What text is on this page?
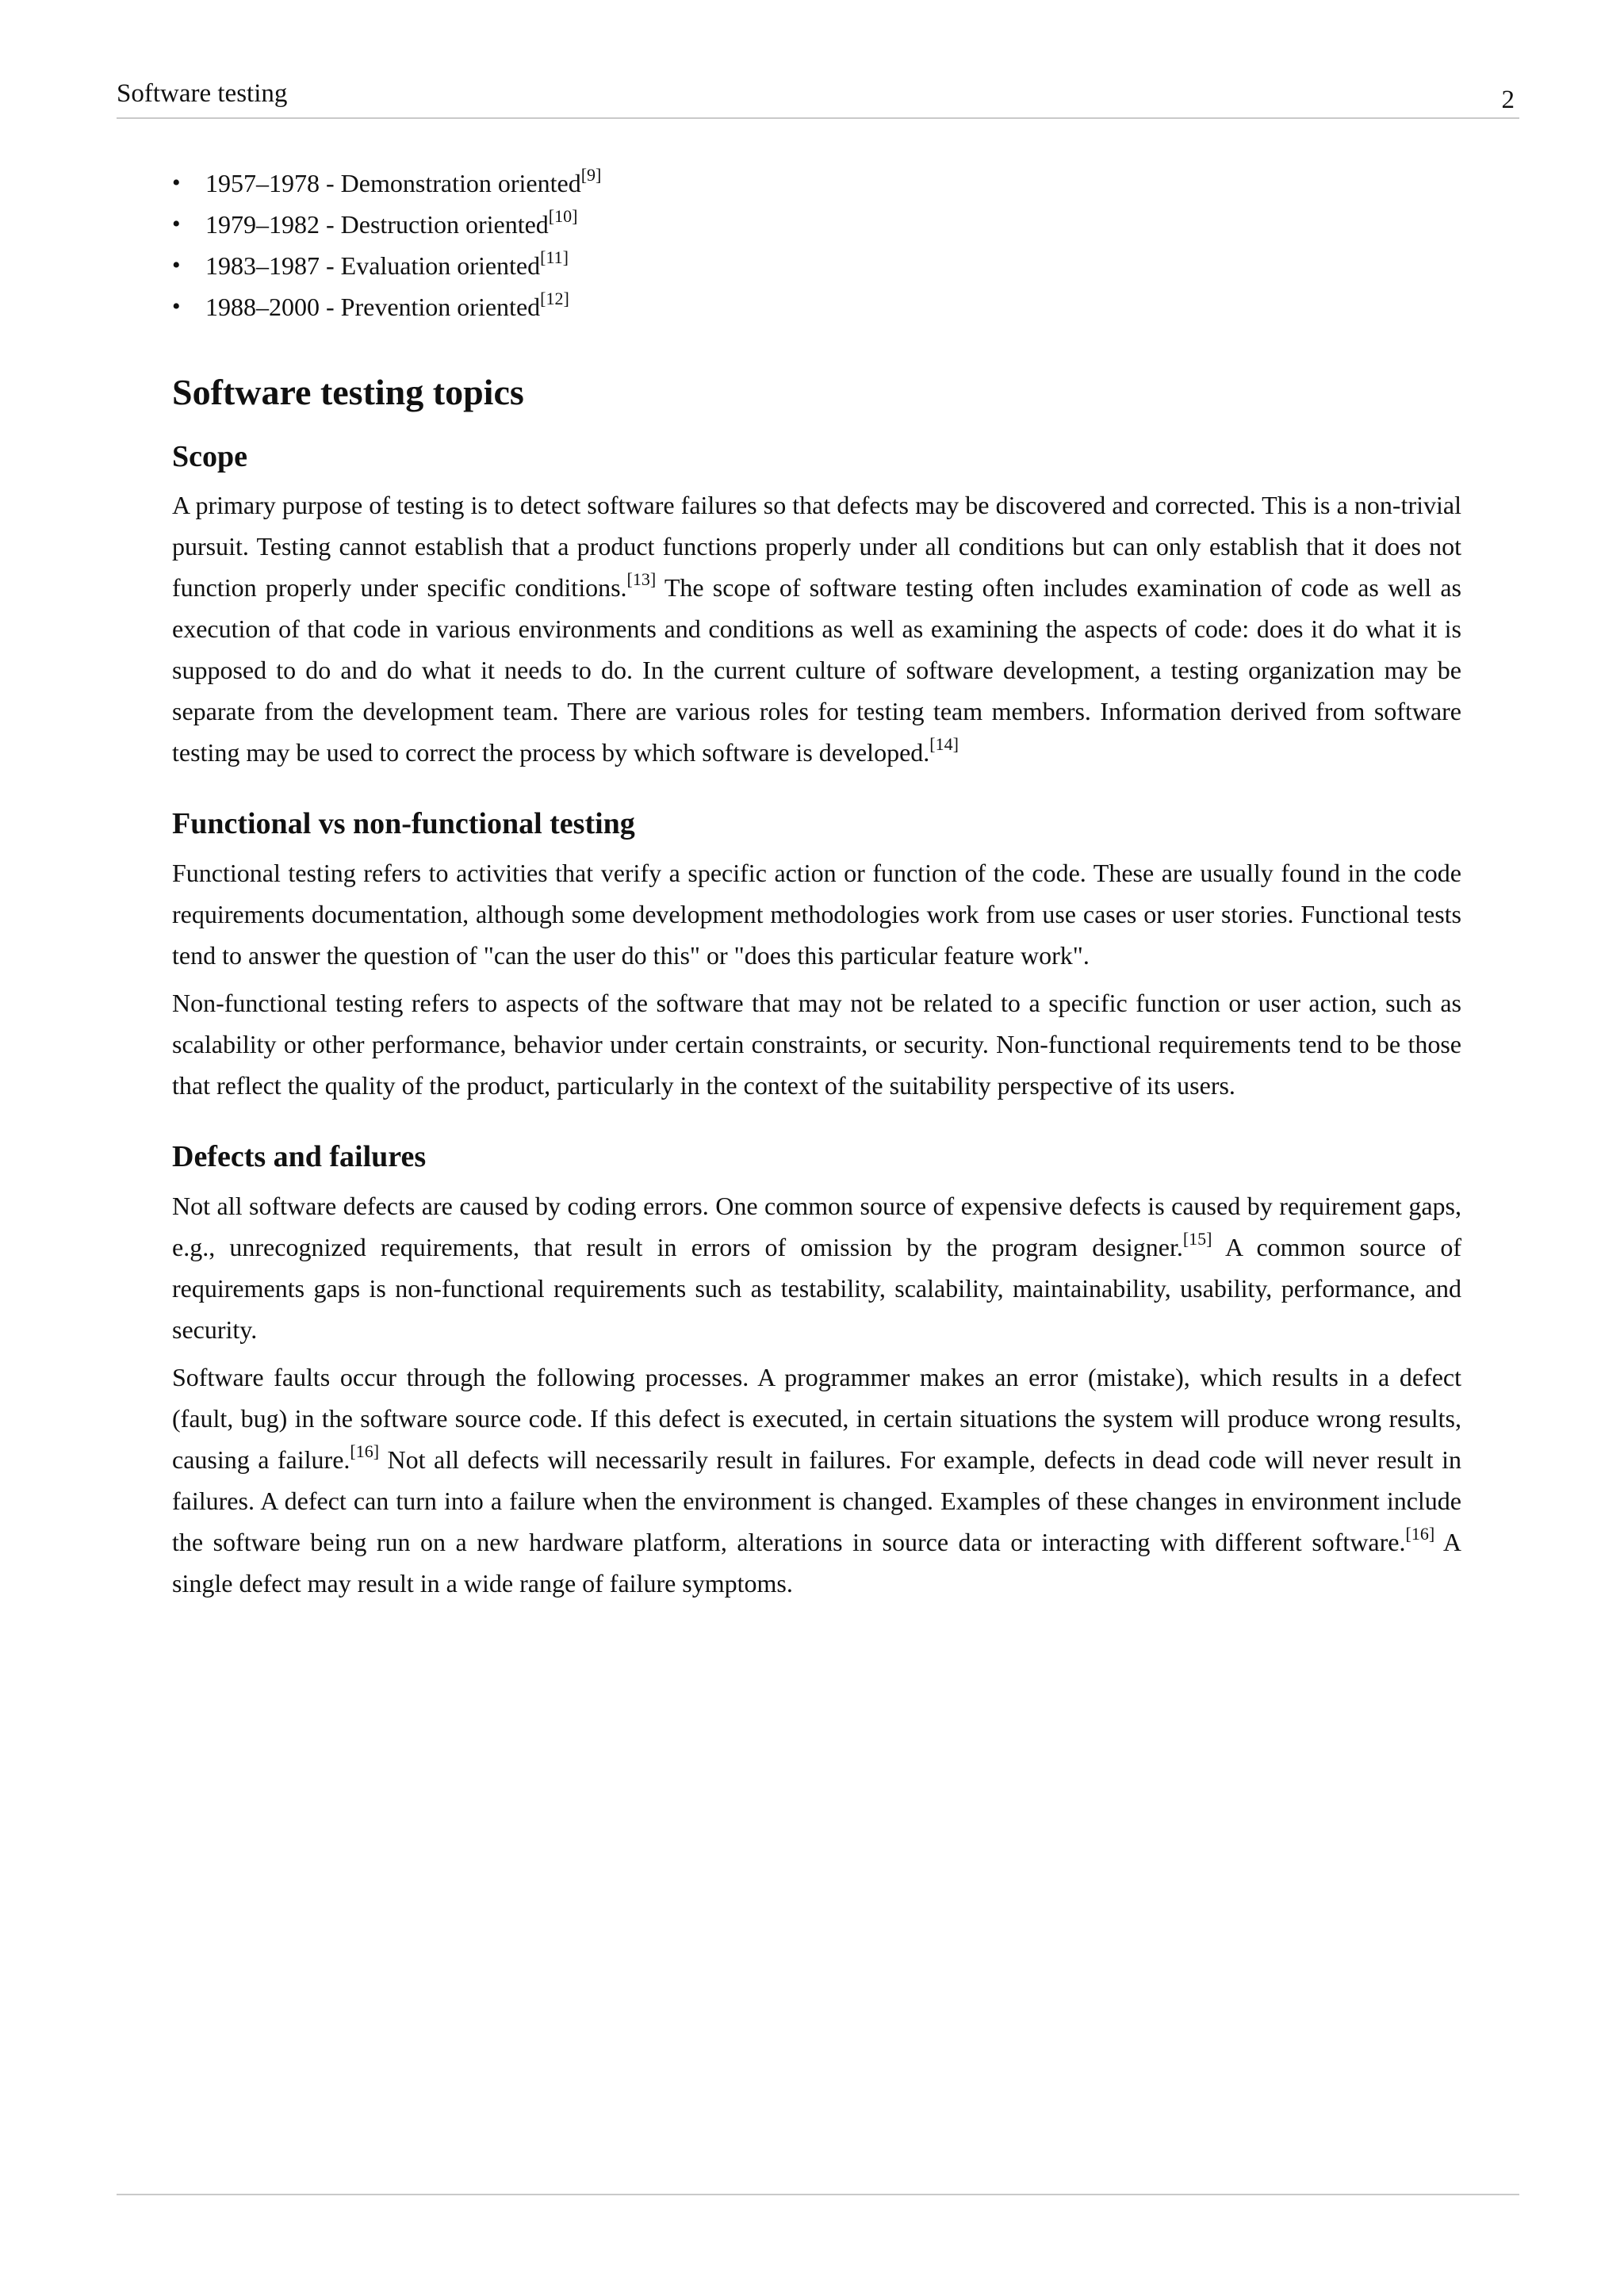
Software testing	2
• 1957–1978 - Demonstration oriented[9]
• 1979–1982 - Destruction oriented[10]
• 1983–1987 - Evaluation oriented[11]
• 1988–2000 - Prevention oriented[12]
Software testing topics
Scope

A primary purpose of testing is to detect software failures so that defects may be discovered and corrected. This is a non-trivial pursuit. Testing cannot establish that a product functions properly under all conditions but can only establish that it does not function properly under specific conditions.[13] The scope of software testing often includes examination of code as well as execution of that code in various environments and conditions as well as examining the aspects of code: does it do what it is supposed to do and do what it needs to do. In the current culture of software development, a testing organization may be separate from the development team. There are various roles for testing team members. Information derived from software testing may be used to correct the process by which software is developed.[14]

Functional vs non-functional testing

Functional testing refers to activities that verify a specific action or function of the code. These are usually found in the code requirements documentation, although some development methodologies work from use cases or user stories. Functional tests tend to answer the question of "can the user do this" or "does this particular feature work".

Non-functional testing refers to aspects of the software that may not be related to a specific function or user action, such as scalability or other performance, behavior under certain constraints, or security. Non-functional requirements tend to be those that reflect the quality of the product, particularly in the context of the suitability perspective of its users.

Defects and failures

Not all software defects are caused by coding errors. One common source of expensive defects is caused by requirement gaps, e.g., unrecognized requirements, that result in errors of omission by the program designer.[15] A common source of requirements gaps is non-functional requirements such as testability, scalability, maintainability, usability, performance, and security.

Software faults occur through the following processes. A programmer makes an error (mistake), which results in a defect (fault, bug) in the software source code. If this defect is executed, in certain situations the system will produce wrong results, causing a failure.[16] Not all defects will necessarily result in failures. For example, defects in dead code will never result in failures. A defect can turn into a failure when the environment is changed. Examples of these changes in environment include the software being run on a new hardware platform, alterations in source data or interacting with different software.[16] A single defect may result in a wide range of failure symptoms.
